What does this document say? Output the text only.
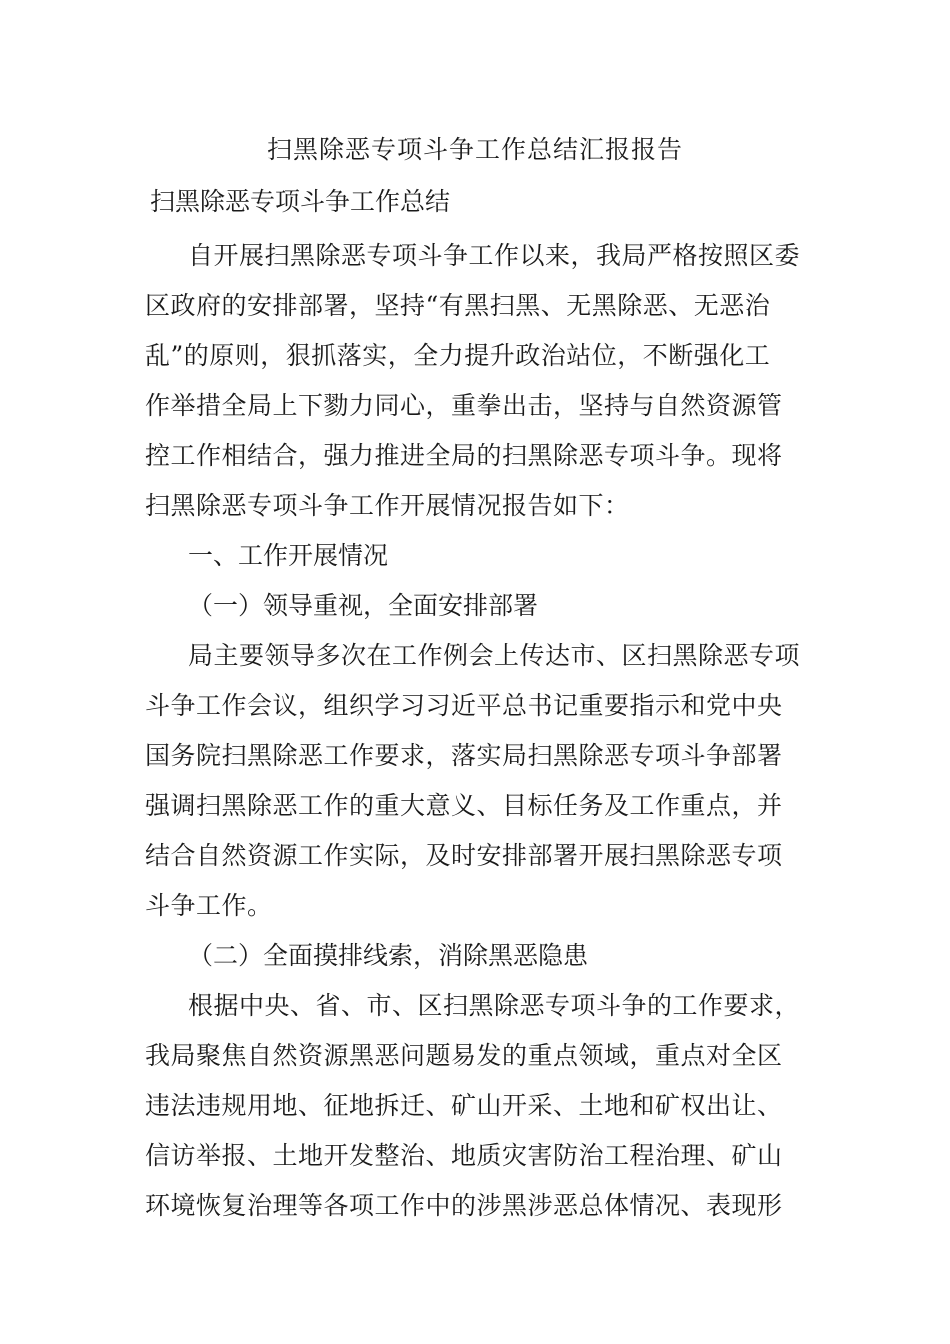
扫黑除恶专项斗争工作总结汇报报告
扫黑除恶专项斗争工作总结

自开展扫黑除恶专项斗争工作以来，我局严格按照区委
区政府的安排部署，坚持“有黑扫黑、无黑除恶、无恶治
乱”的原则，狠抓落实，全力提升政治站位，不断强化工
作举措全局上下勠力同心，重拳出击，坚持与自然资源管
控工作相结合，强力推进全局的扫黑除恶专项斗争。现将
扫黑除恶专项斗争工作开展情况报告如下：

一、工作开展情况
（一）领导重视，全面安排部署

局主要领导多次在工作例会上传达市、区扫黑除恶专项
斗争工作会议，组织学习习近平总书记重要指示和党中央
国务院扫黑除恶工作要求，落实局扫黑除恶专项斗争部署
强调扫黑除恶工作的重大意义、目标任务及工作重点，并
结合自然资源工作实际，及时安排部署开展扫黑除恶专项
斗争工作。

（二）全面摸排线索，消除黑恶隐患

根据中央、省、市、区扫黑除恶专项斗争的工作要求，
我局聚焦自然资源黑恶问题易发的重点领域，重点对全区
违法违规用地、征地拆迁、矿山开采、土地和矿权出让、
信访举报、土地开发整治、地质灾害防治工程治理、矿山
环境恢复治理等各项工作中的涉黑涉恶总体情况、表现形
